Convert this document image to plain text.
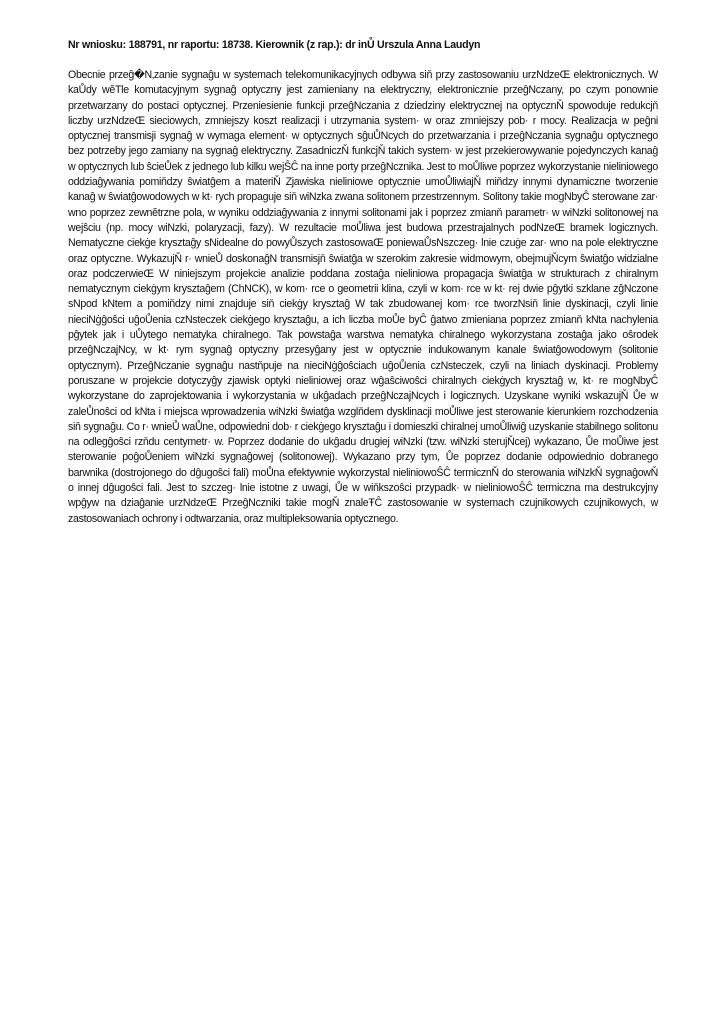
Nr wniosku: 188791, nr raportu: 18738. Kierownik (z rap.): dr inŮ Urszula Anna Laudyn

Obecnie przeĝ�N‚zanie sygnaĝu w systemach telekomunikacyjnych odbywa siň przy zastosowaniu urzNdzeŒ elektronicznych. W kaŮdy wĕTle komutacyjnym sygnaĝ optyczny jest zamieniany na elektryczny, elektronicznie przeĝNczany, po czym ponownie przetwarzany do postaci optycznej. Przeniesienie funkcji przeĝNczania z dziedziny elektrycznej na optycznŇ spowoduje redukcjň liczby urzNdzeŒ sieciowych, zmniejszy koszt realizacji i utrzymania system· w oraz zmniejszy pob· r mocy. Realizacja w peĝni optycznej transmisji sygnaĝ w wymaga element· w optycznych sĝuŮNcych do przetwarzania i przeĝNczania sygnaĝu optycznego bez potrzeby jego zamiany na sygnaĝ elektryczny. ZasadniczŇ funkcjŇ takich system· w jest przekierowywanie pojedynczych kanaĝ w optycznych lub ŝcieŮek z jednego lub kilku wejŜĈ na inne porty przeĝNcznika. Jest to moŮliwe poprzez wykorzystanie nieliniowego oddziaĝywania pomiňdzy ŝwiatĝem a materiŇ Zjawiska nieliniowe optycznie umoŮliwiajŇ miňdzy innymi dynamiczne tworzenie kanaĝ w ŝwiatĝowodowych w kt· rych propaguje siň wiNzka zwana solitonem przestrzennym. Solitony takie mogNbyĈ sterowane zar· wno poprzez zewnĕtrzne pola, w wyniku oddziaĝywania z innymi solitonami jak i poprzez zmianň parametr· w wiNzki solitonowej na wejŝciu (np. mocy wiNzki, polaryzacji, fazy). W rezultacie moŮliwa jest budowa przestrajalnych podNzeŒ bramek logicznych. Nematyczne ciekġe krysztaĝy sNidealne do powyŮszych zastosowaŒ poniewaŮsNszczeg· lnie czuġe zar· wno na pole elektryczne oraz optyczne. WykazujŇ r· wnieŮ doskonaĝN transmisjň ŝwiatĝa w szerokim zakresie widmowym, obejmujŇcym ŝwiatĝo widzialne oraz podczerwieŒ W niniejszym projekcie analizie poddana zostaĝa nieliniowa propagacja ŝwiatĝa w strukturach z chiralnym nematycznym ciekġym krysztaĝem (ChNCK), w kom· rce o geometrii klina, czyli w kom· rce w kt· rej dwie pĝytki szklane zĝNczone sNpod kNtem a pomiňdzy nimi znajduje siň ciekġy krysztaĝ W tak zbudowanej kom· rce tworzNsiň linie dyskinacji, czyli linie nieciNġĝoŝci uĝoŮenia czNsteczek ciekġego krysztaĝu, a ich liczba moŮe byĈ ĝatwo zmieniana poprzez zmianň kNta nachylenia pĝytek jak i uŮytego nematyka chiralnego. Tak powstaĝa warstwa nematyka chiralnego wykorzystana zostaĝa jako oŝrodek przeĝNczajNcy, w kt· rym sygnaĝ optyczny przesyĝany jest w optycznie indukowanym kanale ŝwiatĝowodowym (solitonie optycznym). PrzeĝNczanie sygnaĝu nastňpuje na nieciNġĝoŝciach uĝoŮenia czNsteczek, czyli na liniach dyskinacji. Problemy poruszane w projekcie dotyczyĝy zjawisk optyki nieliniowej oraz wĝaŝciwoŝci chiralnych ciekġych krysztaĝ w, kt· re mogNbyĈ wykorzystane do zaprojektowania i wykorzystania w ukĝadach przeĝNczajNcych i logicznych. Uzyskane wyniki wskazujŇ Ůe w zaleŮnoŝci od kNta i miejsca wprowadzenia wiNzki ŝwiatĝa wzglňdem dysklinacji moŮliwe jest sterowanie kierunkiem rozchodzenia siň sygnaĝu. Co r· wnieŮ waŮne, odpowiedni dob· r ciekġego krysztaĝu i domieszki chiralnej umoŮliwiĝ uzyskanie stabilnego solitonu na odlegĝoŝci rzňdu centymetr· w. Poprzez dodanie do ukĝadu drugiej wiNzki (tzw. wiNzki sterujŇcej) wykazano, Ůe moŮiwe jest sterowanie poĝoŮeniem wiNzki sygnaĝowej (solitonowej). Wykazano przy tym, Ůe poprzez dodanie odpowiednio dobranego barwnika (dostrojonego do dĝugoŝci fali) moŮna efektywnie wykorzystal nieliniowoŜĈ termicznŇ do sterowania wiNzkŇ sygnaĝowŇ o innej dĝugoŝci fali. Jest to szczeg· lnie istotne z uwagi, Ůe w wiňkszoŝci przypadk· w nieliniowoŜĈ termiczna ma destrukcyjny wpĝyw na dziaĝanie urzNdzeŒ PrzeĝNczniki takie mogŇ znaleŦĈ zastosowanie w systemach czujnikowych czujnikowych, w zastosowaniach ochrony i odtwarzania, oraz multipleksowania optycznego.
